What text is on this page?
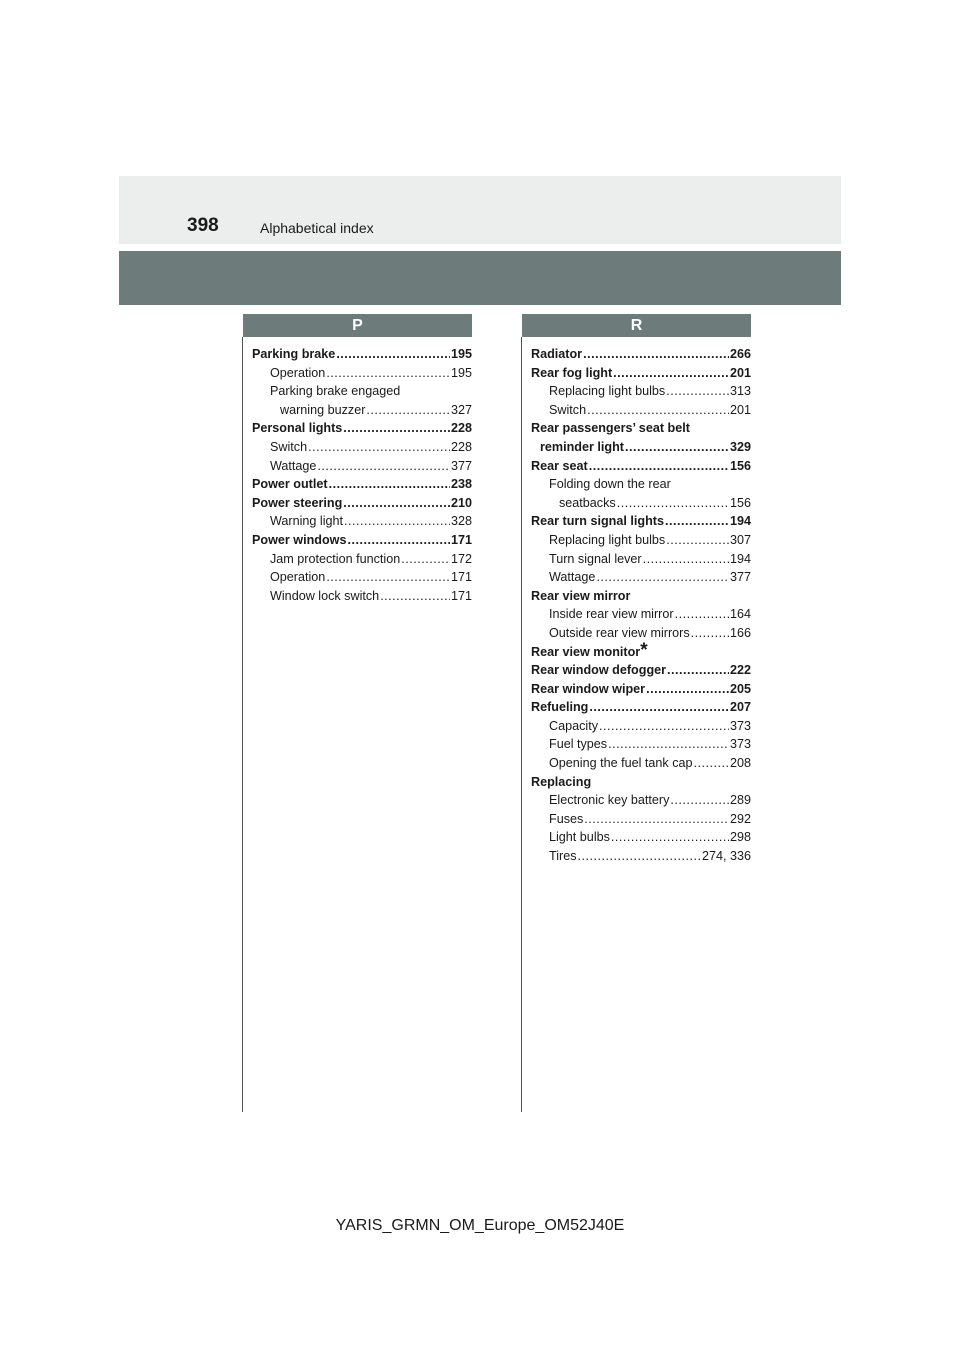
398	Alphabetical index
P
Parking brake .....	195
Operation .....	195
Parking brake engaged
warning buzzer .....	327
Personal lights .....	228
Switch .....	228
Wattage .....	377
Power outlet .....	238
Power steering .....	210
Warning light .....	328
Power windows .....	171
Jam protection function .....	172
Operation .....	171
Window lock switch .....	171
R
Radiator .....	266
Rear fog light .....	201
Replacing light bulbs .....	313
Switch .....	201
Rear passengers’ seat belt
reminder light .....	329
Rear seat .....	156
Folding down the rear
seatbacks .....	156
Rear turn signal lights .....	194
Replacing light bulbs .....	307
Turn signal lever .....	194
Wattage .....	377
Rear view mirror
Inside rear view mirror .....	164
Outside rear view mirrors .....	166
Rear view monitor *
Rear window defogger .....	222
Rear window wiper .....	205
Refueling .....	207
Capacity .....	373
Fuel types .....	373
Opening the fuel tank cap .....	208
Replacing
Electronic key battery .....	289
Fuses .....	292
Light bulbs .....	298
Tires .....	274, 336
YARIS_GRMN_OM_Europe_OM52J40E
